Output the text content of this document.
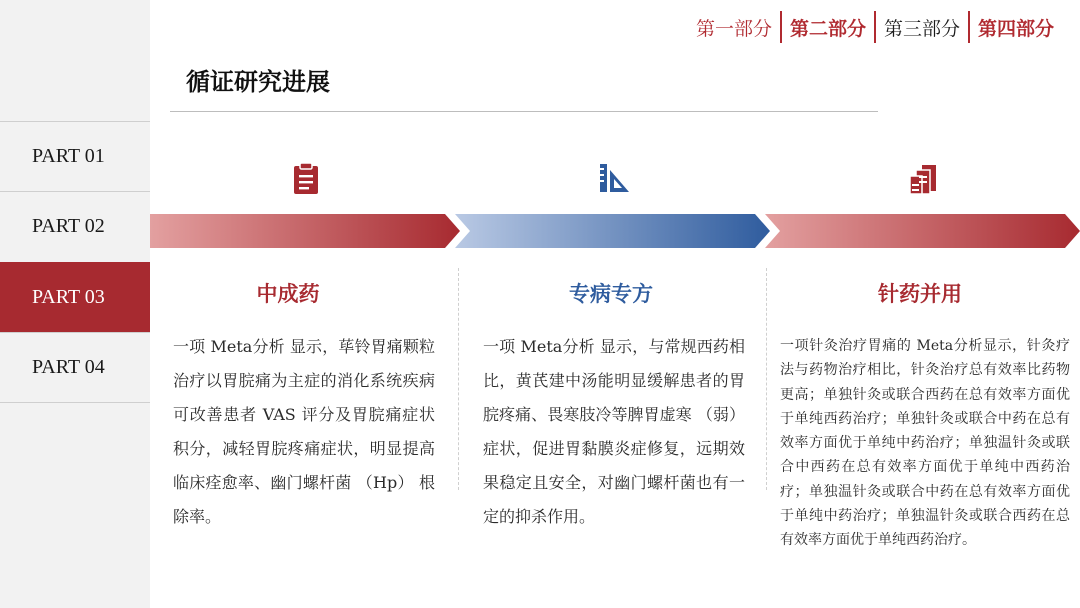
PART 01
PART 02
PART 03
PART 04
第一部分 第二部分 第三部分 第四部分
循证研究进展
中成药	专病专方	针药并用
一项 Meta分析 显示，荜铃胃痛颗粒治疗以胃脘痛为主症的消化系统疾病可改善患者 VAS 评分及胃脘痛症状积分，减轻胃脘疼痛症状，明显提高临床痊愈率、幽门螺杆菌 （Hp） 根除率。
一项 Meta分析 显示，与常规西药相比，黄芪建中汤能明显缓解患者的胃脘疼痛、畏寒肢冷等脾胃虚寒 （弱） 症状，促进胃黏膜炎症修复，远期效果稳定且安全，对幽门螺杆菌也有一定的抑杀作用。
一项针灸治疗胃痛的 Meta分析显示，针灸疗法与药物治疗相比，针灸治疗总有效率比药物更高；单独针灸或联合西药在总有效率方面优于单纯西药治疗；单独针灸或联合中药在总有效率方面优于单纯中药治疗；单独温针灸或联合中西药在总有效率方面优于单纯中西药治疗；单独温针灸或联合中药在总有效率方面优于单纯中药治疗；单独温针灸或联合西药在总有效率方面优于单纯西药治疗。
